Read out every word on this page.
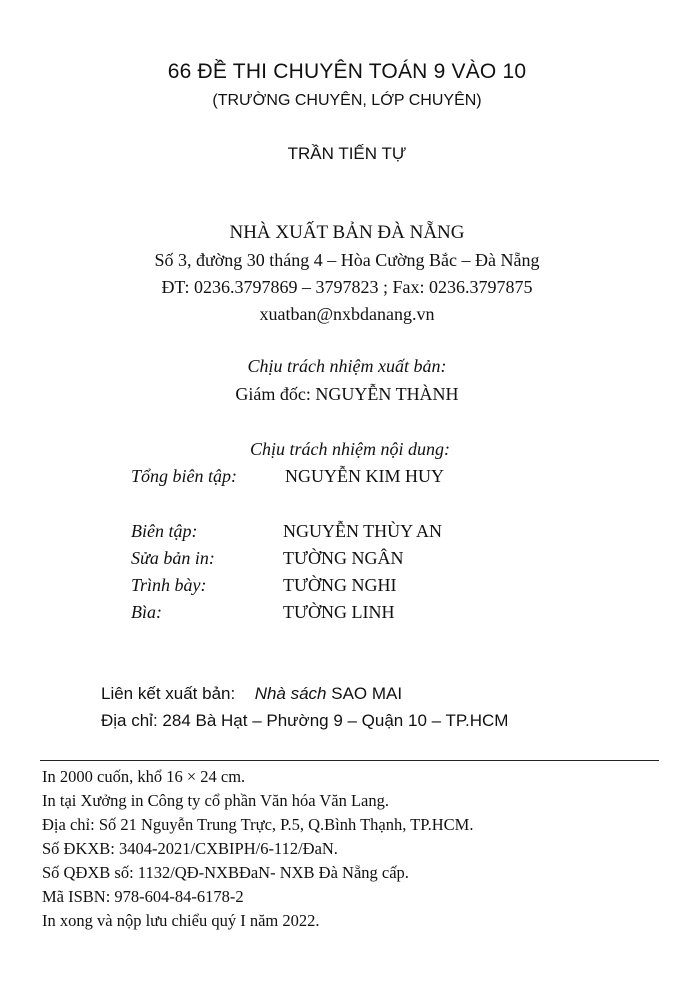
66 ĐỀ THI CHUYÊN TOÁN 9 VÀO 10
(TRƯỜNG CHUYÊN, LỚP CHUYÊN)
TRẦN TIẾN TỰ
NHÀ XUẤT BẢN ĐÀ NẴNG
Số 3, đường 30 tháng 4 – Hòa Cường Bắc – Đà Nẵng
ĐT: 0236.3797869 – 3797823 ; Fax: 0236.3797875
xuatban@nxbdanang.vn
Chịu trách nhiệm xuất bản:
Giám đốc: NGUYỄN THÀNH
Chịu trách nhiệm nội dung:
Tổng biên tập:	NGUYỄN KIM HUY
Biên tập:	NGUYỄN THÙY AN
Sửa bản in:	TƯỜNG NGÂN
Trình bày:	TƯỜNG NGHI
Bìa:	TƯỜNG LINH
Liên kết xuất bản: Nhà sách SAO MAI
Địa chỉ: 284 Bà Hạt – Phường 9 – Quận 10 – TP.HCM
In 2000 cuốn, khổ 16 × 24 cm.
In tại Xưởng in Công ty cổ phần Văn hóa Văn Lang.
Địa chỉ: Số 21 Nguyễn Trung Trực, P.5, Q.Bình Thạnh, TP.HCM.
Số ĐKXB: 3404-2021/CXBIPH/6-112/ĐaN.
Số QĐXB số: 1132/QĐ-NXBĐaN- NXB Đà Nẵng cấp.
Mã ISBN: 978-604-84-6178-2
In xong và nộp lưu chiểu quý I năm 2022.
